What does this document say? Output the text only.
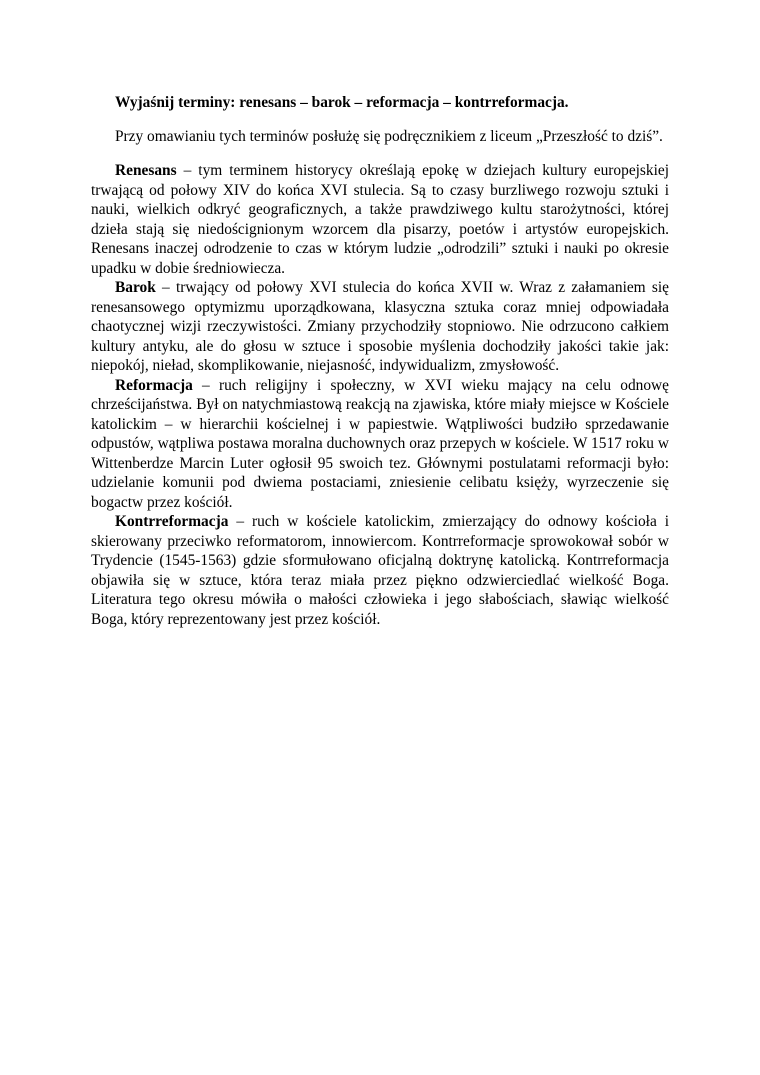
Wyjaśnij terminy: renesans – barok – reformacja – kontrreformacja.

Przy omawianiu tych terminów posłużę się podręcznikiem z liceum „Przeszłość to dziś”.

Renesans – tym terminem historycy określają epokę w dziejach kultury europejskiej trwającą od połowy XIV do końca XVI stulecia. Są to czasy burzliwego rozwoju sztuki i nauki, wielkich odkryć geograficznych, a także prawdziwego kultu starożytności, której dzieła stają się niedoścignionym wzorcem dla pisarzy, poetów i artystów europejskich. Renesans inaczej odrodzenie to czas w którym ludzie „odrodzili” sztuki i nauki po okresie upadku w dobie średniowiecza.

Barok – trwający od połowy XVI stulecia do końca XVII w. Wraz z załamaniem się renesansowego optymizmu uporządkowana, klasyczna sztuka coraz mniej odpowiadała chaotycznej wizji rzeczywistości. Zmiany przychodziły stopniowo. Nie odrzucono całkiem kultury antyku, ale do głosu w sztuce i sposobie myślenia dochodziły jakości takie jak: niepokój, nieład, skomplikowanie, niejasność, indywidualizm, zmysłowość.

Reformacja – ruch religijny i społeczny, w XVI wieku mający na celu odnowę chrześcijaństwa. Był on natychmiastową reakcją na zjawiska, które miały miejsce w Kościele katolickim – w hierarchii kościelnej i w papiestwie. Wątpliwości budziło sprzedawanie odpustów, wątpliwa postawa moralna duchownych oraz przepych w kościele. W 1517 roku w Wittenberdze Marcin Luter ogłosił 95 swoich tez. Głównymi postulatami reformacji było: udzielanie komunii pod dwiema postaciami, zniesienie celibatu księży, wyrzeczenie się bogactw przez kościół.

Kontrreformacja – ruch w kościele katolickim, zmierzający do odnowy kościoła i skierowany przeciwko reformatorom, innowiercom. Kontrreformacje sprowokował sobór w Trydencie (1545-1563) gdzie sformułowano oficjalną doktrynę katolicką. Kontrreformacja objawiła się w sztuce, która teraz miała przez piękno odzwierciedlać wielkość Boga. Literatura tego okresu mówiła o małości człowieka i jego słabościach, sławiąc wielkość Boga, który reprezentowany jest przez kościół.
